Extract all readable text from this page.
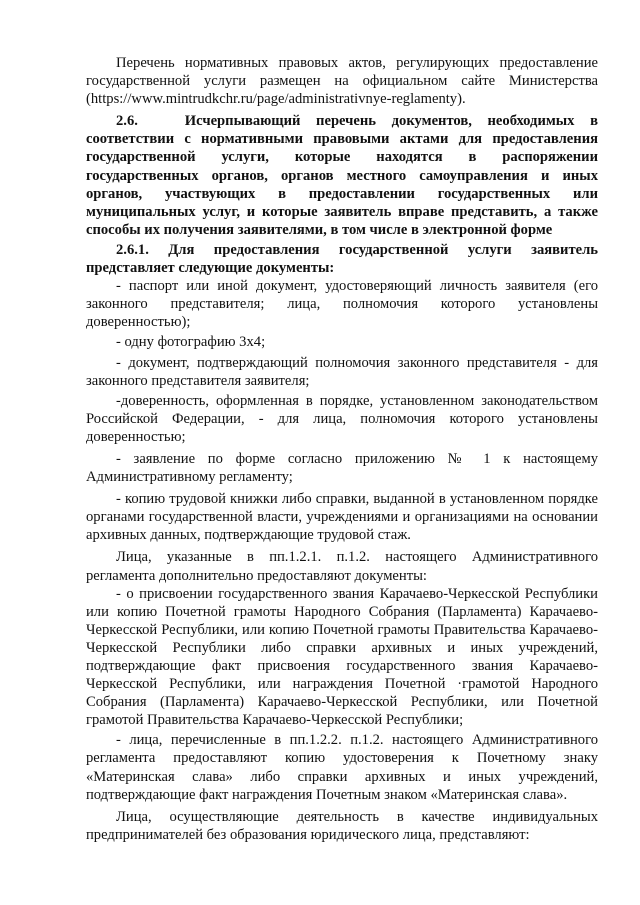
Перечень нормативных правовых актов, регулирующих предоставление государственной услуги размещен на официальном сайте Министерства (https://www.mintrudkchr.ru/page/administrativnye-reglamenty).

2.6.	Исчерпывающий перечень документов, необходимых в соответствии с нормативными правовыми актами для предоставления государственной услуги, которые находятся в распоряжении государственных органов, органов местного самоуправления и иных органов, участвующих в предоставлении государственных или муниципальных услуг, и которые заявитель вправе представить, а также способы их получения заявителями, в том числе в электронной форме

2.6.1. Для предоставления государственной услуги заявитель представляет следующие документы:

- паспорт или иной документ, удостоверяющий личность заявителя (его законного представителя; лица, полномочия которого установлены доверенностью);

- одну фотографию 3x4;

- документ, подтверждающий полномочия законного представителя - для законного представителя заявителя;

-доверенность, оформленная в порядке, установленном законодательством Российской Федерации, - для лица, полномочия которого установлены доверенностью;

- заявление по форме согласно приложению № 1 к настоящему Административному регламенту;

- копию трудовой книжки либо справки, выданной в установленном порядке органами государственной власти, учреждениями и организациями на основании архивных данных, подтверждающие трудовой стаж.

Лица, указанные в пп.1.2.1. п.1.2. настоящего Административного регламента дополнительно предоставляют документы:

- о присвоении государственного звания Карачаево-Черкесской Республики или копию Почетной грамоты Народного Собрания (Парламента) Карачаево-Черкесской Республики, или копию Почетной грамоты Правительства Карачаево-Черкесской Республики либо справки архивных и иных учреждений, подтверждающие факт присвоения государственного звания Карачаево-Черкесской Республики, или награждения Почетной ·грамотой Народного Собрания (Парламента) Карачаево-Черкесской Республики, или Почетной грамотой Правительства Карачаево-Черкесской Республики;

- лица, перечисленные в пп.1.2.2. п.1.2. настоящего Административного регламента предоставляют копию удостоверения к Почетному знаку «Материнская слава» либо справки архивных и иных учреждений, подтверждающие факт награждения Почетным знаком «Материнская слава».

Лица, осуществляющие деятельность в качестве индивидуальных предпринимателей без образования юридического лица, представляют:
